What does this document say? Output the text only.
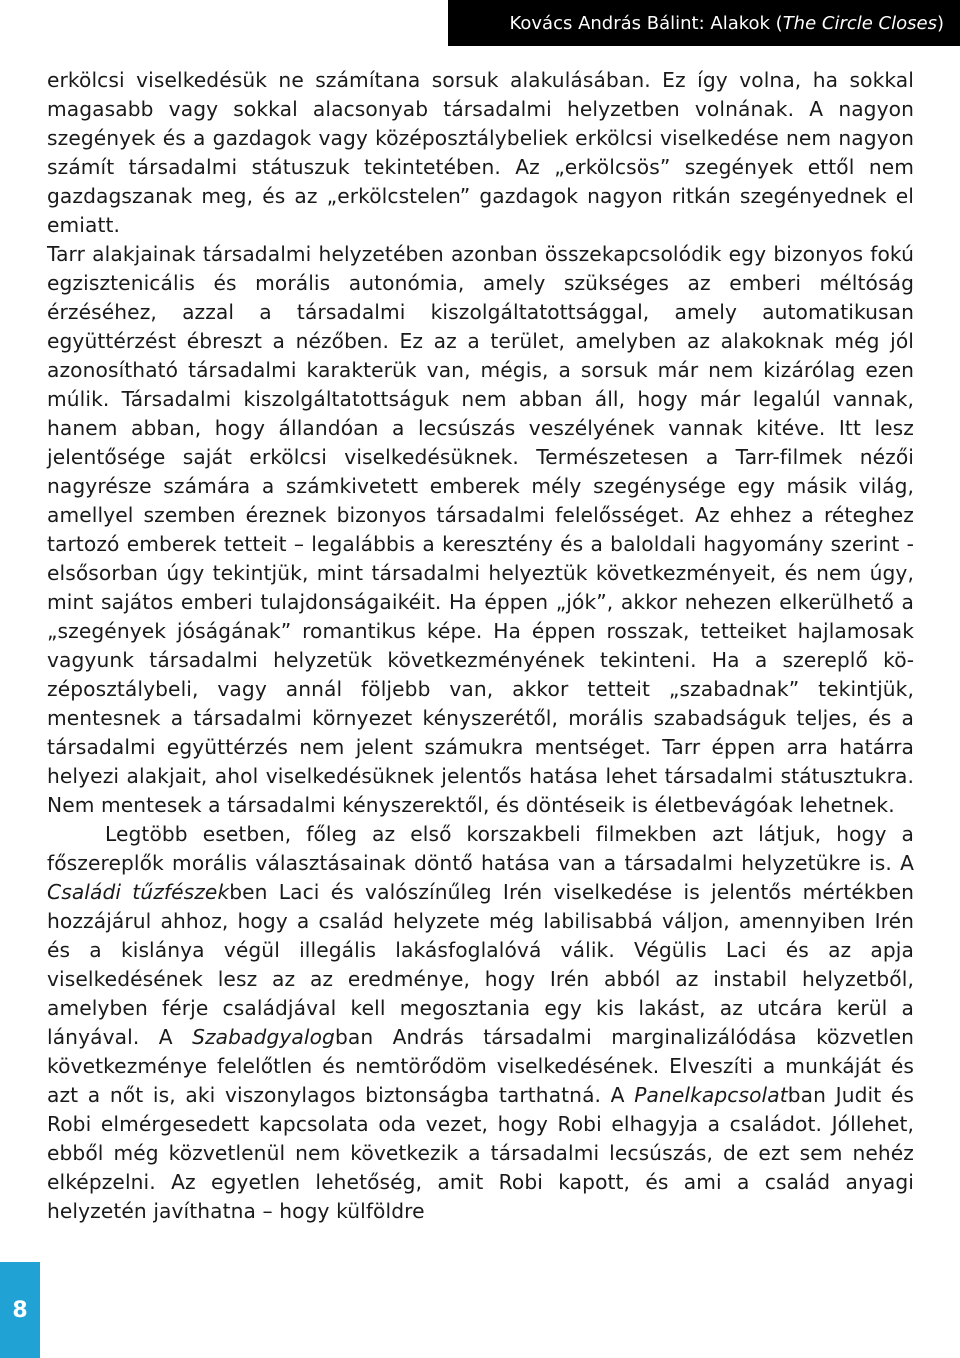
Kovács András Bálint: Alakok ( The Circle Closes )

erkölcsi viselkedésük ne számítana sorsuk alakulásában. Ez így volna, ha sokkal magasabb vagy sokkal alacsonyab társadalmi helyzetben volnának. A nagyon szegények és a gazdagok vagy középosztálybeliek erkölcsi viselkedése nem nagyon számít társadalmi státuszuk tekintetében. Az „erkölcsös” szegények ettől nem gazdagszanak meg, és az „erkölcstelen” gazdagok nagyon ritkán szegényednek el emiatt.

Tarr alakjainak társadalmi helyzetében azonban összekapcsolódik egy bizonyos fokú egzisztenicális és morális autonómia, amely szükséges az emberi méltóság érzéséhez, azzal a társadalmi kiszolgáltatottsággal, amely automatikusan együttérzést ébreszt a nézőben. Ez az a terület, amelyben az alakoknak még jól azonosítható társadalmi karakterük van, mégis, a sorsuk már nem kizárólag ezen múlik. Társadalmi kiszolgáltatottságuk nem abban áll, hogy már legalúl vannak, hanem abban, hogy állandóan a lecsúszás veszélyének vannak kitéve. Itt lesz jelentősége saját erkölcsi viselkedésüknek. Természetesen a Tarr-filmek nézői nagyrésze számára a számkivetett emberek mély szegénysége egy másik világ, amellyel szemben éreznek bizonyos társadalmi felelősséget. Az ehhez a réteghez tartozó emberek tetteit – legalábbis a keresztény és a baloldali hagyomány szerint - elsősorban úgy tekintjük, mint társadalmi helyeztük következményeit, és nem úgy, mint sajátos emberi tulajdonságaikéit. Ha éppen „jók”, akkor nehezen elkerülhető a „szegények jóságának” romantikus képe. Ha éppen rosszak, tetteiket hajlamosak vagyunk társadalmi helyzetük következményének tekinteni. Ha a szereplő középosztálybeli, vagy annál följebb van, akkor tetteit „szabadnak” tekintjük, mentesnek a társadalmi környezet kényszerétől, morális szabadságuk teljes, és a társadalmi együttérzés nem jelent számukra mentséget. Tarr éppen arra határra helyezi alakjait, ahol viselkedésüknek jelentős hatása lehet társadalmi státusztukra. Nem mentesek a társadalmi kényszerektől, és döntéseik is életbevágóak lehetnek.

Legtöbb esetben, főleg az első korszakbeli filmekben azt látjuk, hogy a főszereplők morális választásainak döntő hatása van a társadalmi helyzetükre is. A Családi tűzfészekben Laci és valószínűleg Irén viselkedése is jelentős mértékben hozzájárul ahhoz, hogy a család helyzete még labilisabbá váljon, amennyiben Irén és a kislánya végül illegális lakásfoglalóvá válik. Végülis Laci és az apja viselkedésének lesz az az eredménye, hogy Irén abból az instabil helyzetből, amelyben férje családjával kell megosztania egy kis lakást, az utcára kerül a lányával. A Szabadgyalogban András társadalmi marginalizálódása közvetlen következménye felelőtlen és nemtörődöm viselkedésének. Elveszíti a munkáját és azt a nőt is, aki viszonylagos biztonságba tarthatná. A Panelkapcsolatban Judit és Robi elmérgesedett kapcsolata oda vezet, hogy Robi elhagyja a családot. Jóllehet, ebből még közvetlenül nem következik a társadalmi lecsúszás, de ezt sem nehéz elképzelni. Az egyetlen lehetőség, amit Robi kapott, és ami a család anyagi helyzetén javíthatna – hogy külföldre

8
